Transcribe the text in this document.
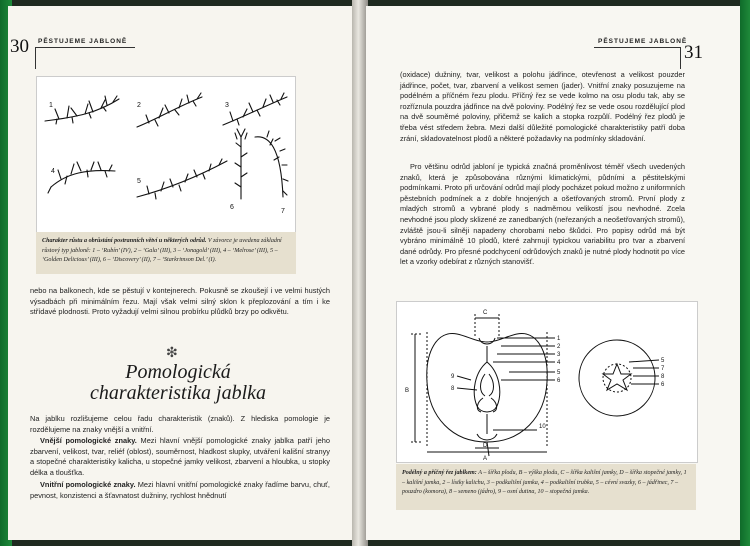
30 PĚSTUJEME JABLONĚ
1	2	3
4
5
6
7
Charakter růstu a obrůstání postranních větví u některých odrůd. V závorce je uvedena základní růstový typ jabloně: 1 – ‘Rubín’ (IV), 2 – ‘Gala’ (III), 3 – ‘Jonagold’ (III), 4 – ‘Melrose’ (III), 5 – ‘Golden Delicious’ (III), 6 – ‘Discovery’ (II), 7 – ‘Starkrimson Del.’ (I).
nebo na balkonech, kde se pěstují v kontejnerech. Pokusně se zkoušejí i ve velmi hustých výsadbách při minimálním řezu. Mají však velmi silný sklon k přeplozování a tím i ke střídavé plodnosti. Proto vyžadují velmi silnou probírku plůdků brzy po odkvětu.
❇
Pomologická
charakteristika jablka
Na jablku rozlišujeme celou řadu charakteristik (znaků). Z hlediska pomologie je rozdělujeme na znaky vnější a vnitřní.
Vnější pomologické znaky. Mezi hlavní vnější pomologické znaky jablka patří jeho zbarvení, velikost, tvar, reliéf (oblost), souměrnost, hladkost slupky, utváření kališní stranyy a stopečné charakteristiky kalicha, u stopečné jamky velikost, zbarvení a hloubka, u stopky délka a tloušťka.
Vnitřní pomologické znaky. Mezi hlavní vnitřní pomologické znaky řadíme barvu, chuť, pevnost, konzistenci a šťavnatost dužniny, rychlost hnědnutí
PĚSTUJEME JABLONĚ
31
(oxidace) dužniny, tvar, velikost a polohu jádřince, otevřenost a velikost pouzder jádřince, počet, tvar, zbarvení a velikost semen (jader). Vnitřní znaky posuzujeme na podélném a příčném řezu plodu. Příčný řez se vede kolmo na osu plodu tak, aby se rozříznula pouzdra jádřince na dvě poloviny. Podélný řez se vede osou rozdělující plod na dvě souměrné poloviny, přičemž se kalich a stopka rozpůlí. Podélný řez plodů je třeba vést středem žebra. Mezi další důležité pomologické charakteristiky patří doba zrání, skladovatelnost plodů a některé požadavky na podmínky skladování.
Pro většinu odrůd jabloní je typická značná proměnlivost téměř všech uvedených znaků, která je způsobována různými klimatickými, půdními a pěstitelskými podmínkami. Proto při určování odrůd mají plody pocházet pokud možno z uniformních pěstebních podmínek a z dobře hnojených a ošetřovaných stromů. První plody z mladých stromů a vybrané plody s nadměrnou velikostí jsou nevhodné. Zcela nevhodné jsou plody sklizené ze zanedbaných (neřezaných a neošetřovaných stromů), zvláště jsou-li silněji napadeny chorobami nebo škůdci. Pro popisy odrůd má být vybráno minimálně 10 plodů, které zahrnují typickou variabilitu pro tvar a zbarvení dané odrůdy. Pro přesné podchycení odrůdových znaků je nutné plody hodnotit po více let a vzorky odebírat z různých stanovišť.
C
B
A
D
1
2
3
4
5
6
9
8
10
7
8
6
5
Podélný a příčný řez jablkem: A – šířka plodu, B – výška plodu, C – šířka kališní jamky, D – šířka stopečné jamky, 1 – kališní jamka, 2 – lístky kalichu, 3 – podkališní jamka, 4 – podkališní trubka, 5 – cévní svazky, 6 – jádřinec, 7 – pouzdro (komora), 8 – semeno (jádro), 9 – osní dutina, 10 – stopečná jamka.
